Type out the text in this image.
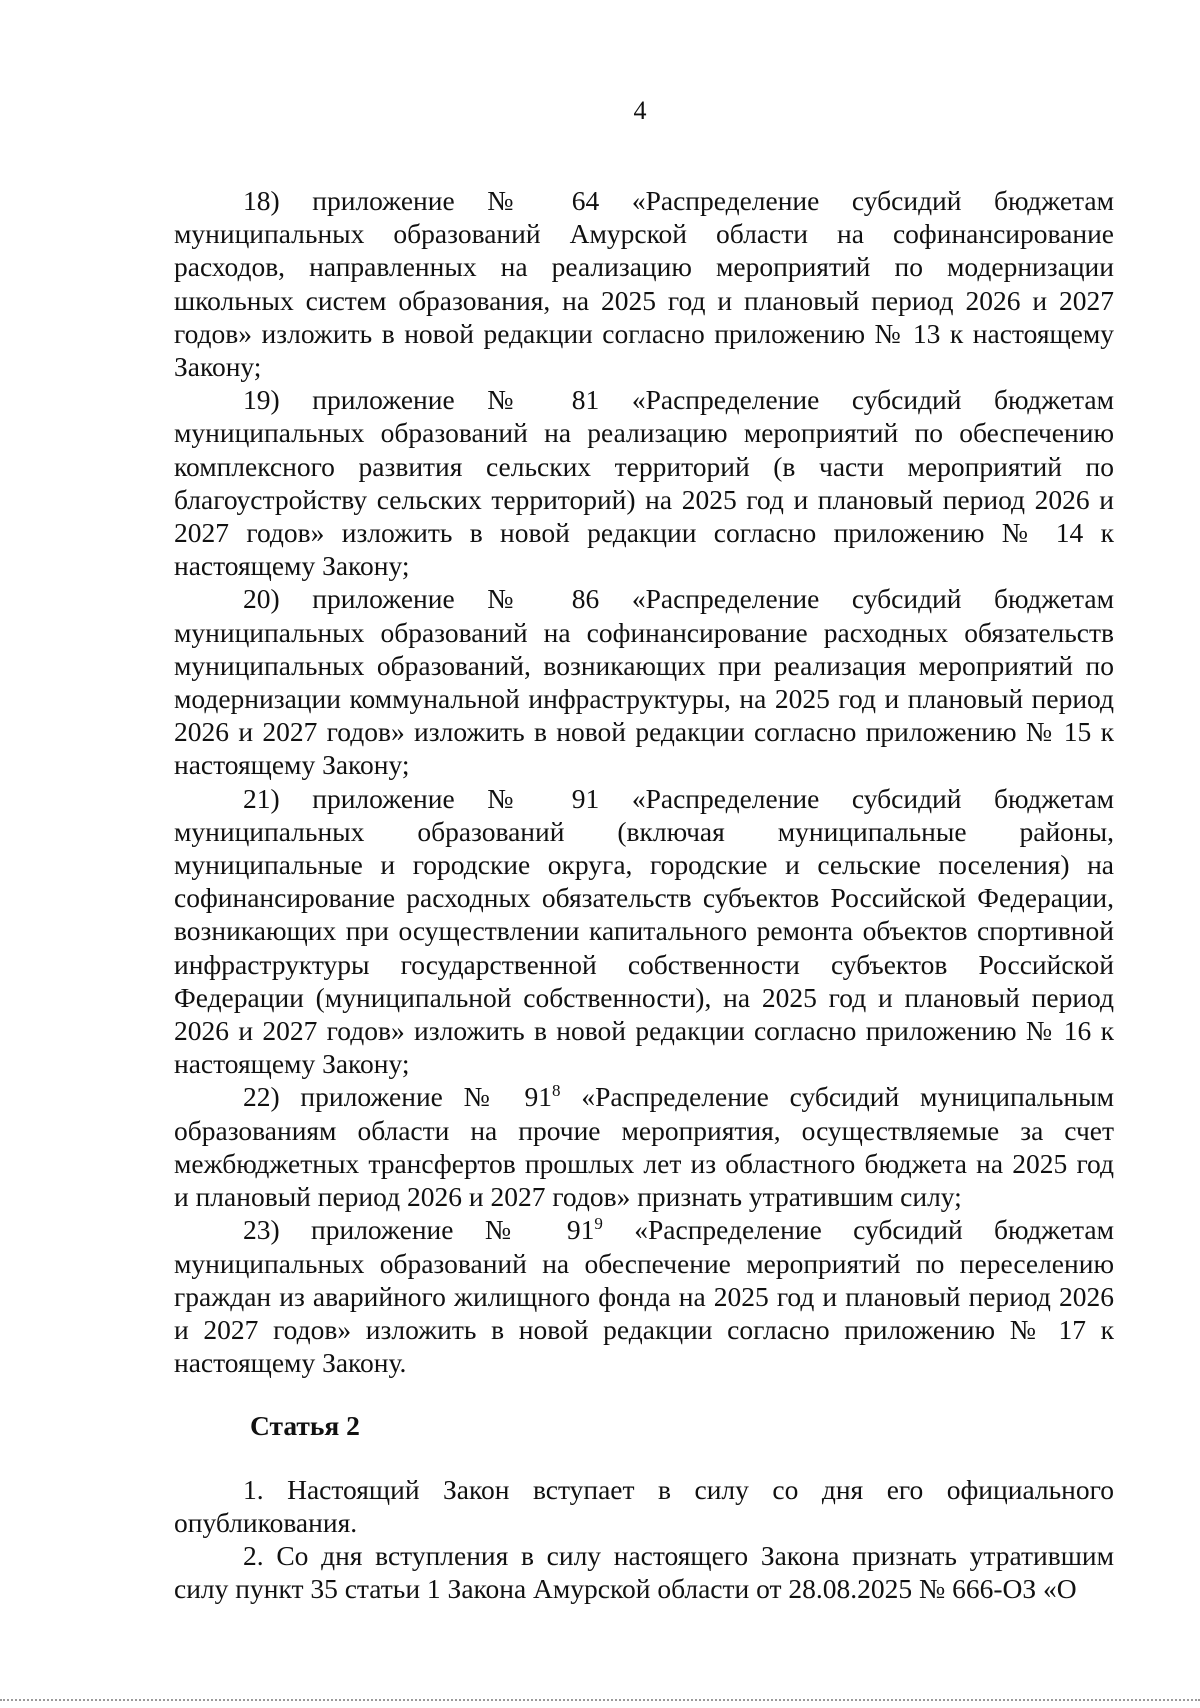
4

18) приложение № 64 «Распределение субсидий бюджетам муниципальных образований Амурской области на софинансирование расходов, направленных на реализацию мероприятий по модернизации школьных систем образования, на 2025 год и плановый период 2026 и 2027 годов» изложить в новой редакции согласно приложению № 13 к настоящему Закону;

19) приложение № 81 «Распределение субсидий бюджетам муниципальных образований на реализацию мероприятий по обеспечению комплексного развития сельских территорий (в части мероприятий по благоустройству сельских территорий) на 2025 год и плановый период 2026 и 2027 годов» изложить в новой редакции согласно приложению № 14 к настоящему Закону;

20) приложение № 86 «Распределение субсидий бюджетам муниципальных образований на софинансирование расходных обязательств муниципальных образований, возникающих при реализация мероприятий по модернизации коммунальной инфраструктуры, на 2025 год и плановый период 2026 и 2027 годов» изложить в новой редакции согласно приложению № 15 к настоящему Закону;

21) приложение № 91 «Распределение субсидий бюджетам муниципальных образований (включая муниципальные районы, муниципальные и городские округа, городские и сельские поселения) на софинансирование расходных обязательств субъектов Российской Федерации, возникающих при осуществлении капитального ремонта объектов спортивной инфраструктуры государственной собственности субъектов Российской Федерации (муниципальной собственности), на 2025 год и плановый период 2026 и 2027 годов» изложить в новой редакции согласно приложению № 16 к настоящему Закону;

22) приложение № $91^8$ «Распределение субсидий муниципальным образованиям области на прочие мероприятия, осуществляемые за счет межбюджетных трансфертов прошлых лет из областного бюджета на 2025 год и плановый период 2026 и 2027 годов» признать утратившим силу;

23) приложение № $91^9$ «Распределение субсидий бюджетам муниципальных образований на обеспечение мероприятий по переселению граждан из аварийного жилищного фонда на 2025 год и плановый период 2026 и 2027 годов» изложить в новой редакции согласно приложению № 17 к настоящему Закону.

Статья 2

1. Настоящий Закон вступает в силу со дня его официального опубликования.

2. Со дня вступления в силу настоящего Закона признать утратившим силу пункт 35 статьи 1 Закона Амурской области от 28.08.2025 № 666-ОЗ «О
